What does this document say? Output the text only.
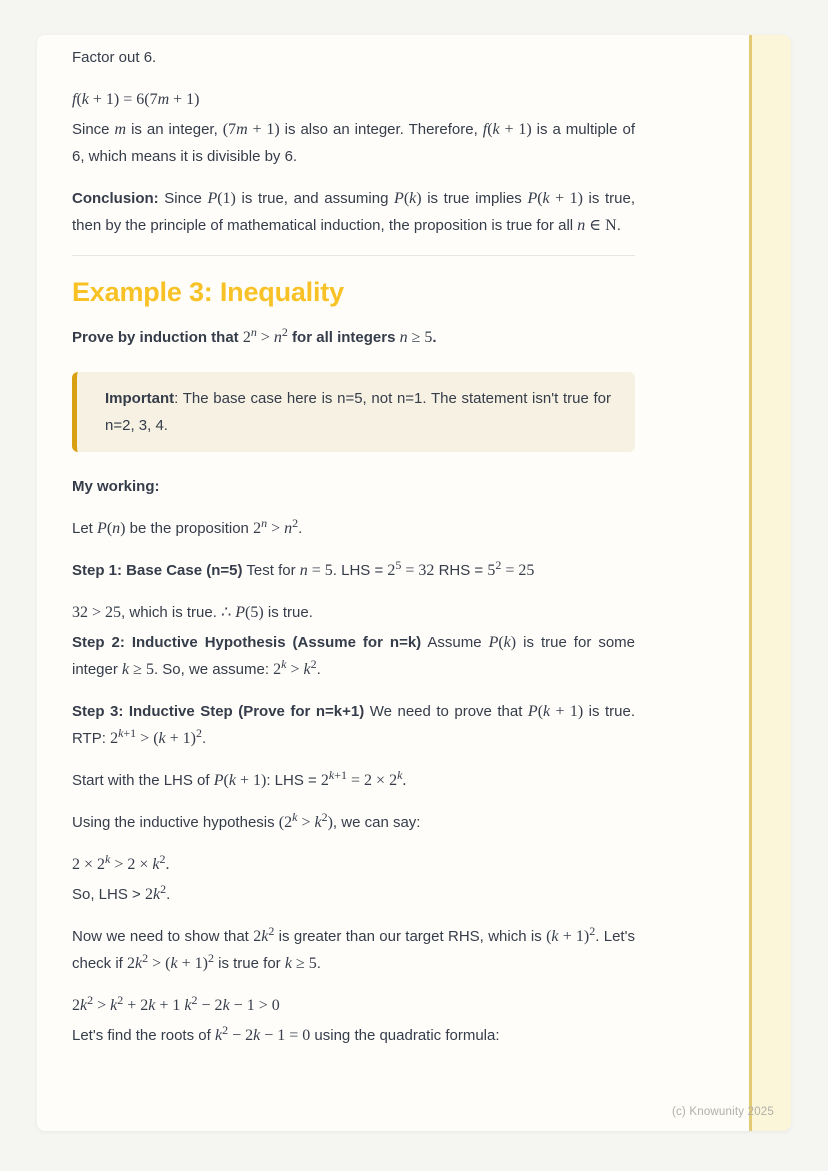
Factor out 6.

f(k + 1) = 6(7m + 1)

Since m is an integer, (7m + 1) is also an integer. Therefore, f(k + 1) is a multiple of 6, which means it is divisible by 6.

Conclusion: Since P(1) is true, and assuming P(k) is true implies P(k + 1) is true, then by the principle of mathematical induction, the proposition is true for all n ∈ N.

Example 3: Inequality

Prove by induction that $2^n > n^2$ for all integers n ≥ 5.

Important: The base case here is n=5, not n=1. The statement isn't true for n=2, 3, 4.

My working:

Let P(n) be the proposition $2^n > n^2$.

Step 1: Base Case (n=5) Test for n = 5. LHS = $2^5 = 32$ RHS = $5^2 = 25$

32 > 25, which is true. ∴ P(5) is true.

Step 2: Inductive Hypothesis (Assume for n=k) Assume P(k) is true for some integer k ≥ 5. So, we assume: $2^k > k^2$.

Step 3: Inductive Step (Prove for n=k+1) We need to prove that P(k + 1) is true. RTP: $2^{k+1} > (k + 1)^2$.

Start with the LHS of P(k + 1): LHS = $2^{k+1} = 2 \times 2^k$.

Using the inductive hypothesis $(2^k > k^2)$, we can say:

$2 \times 2^k > 2 \times k^2$.

So, LHS > $2k^2$.

Now we need to show that $2k^2$ is greater than our target RHS, which is $(k + 1)^2$. Let's check if $2k^2 > (k + 1)^2$ is true for k ≥ 5.

$2k^2 > k^2 + 2k + 1$ $k^2 - 2k - 1 > 0$

Let's find the roots of $k^2 - 2k - 1 = 0$ using the quadratic formula:

(c) Knowunity 2025
